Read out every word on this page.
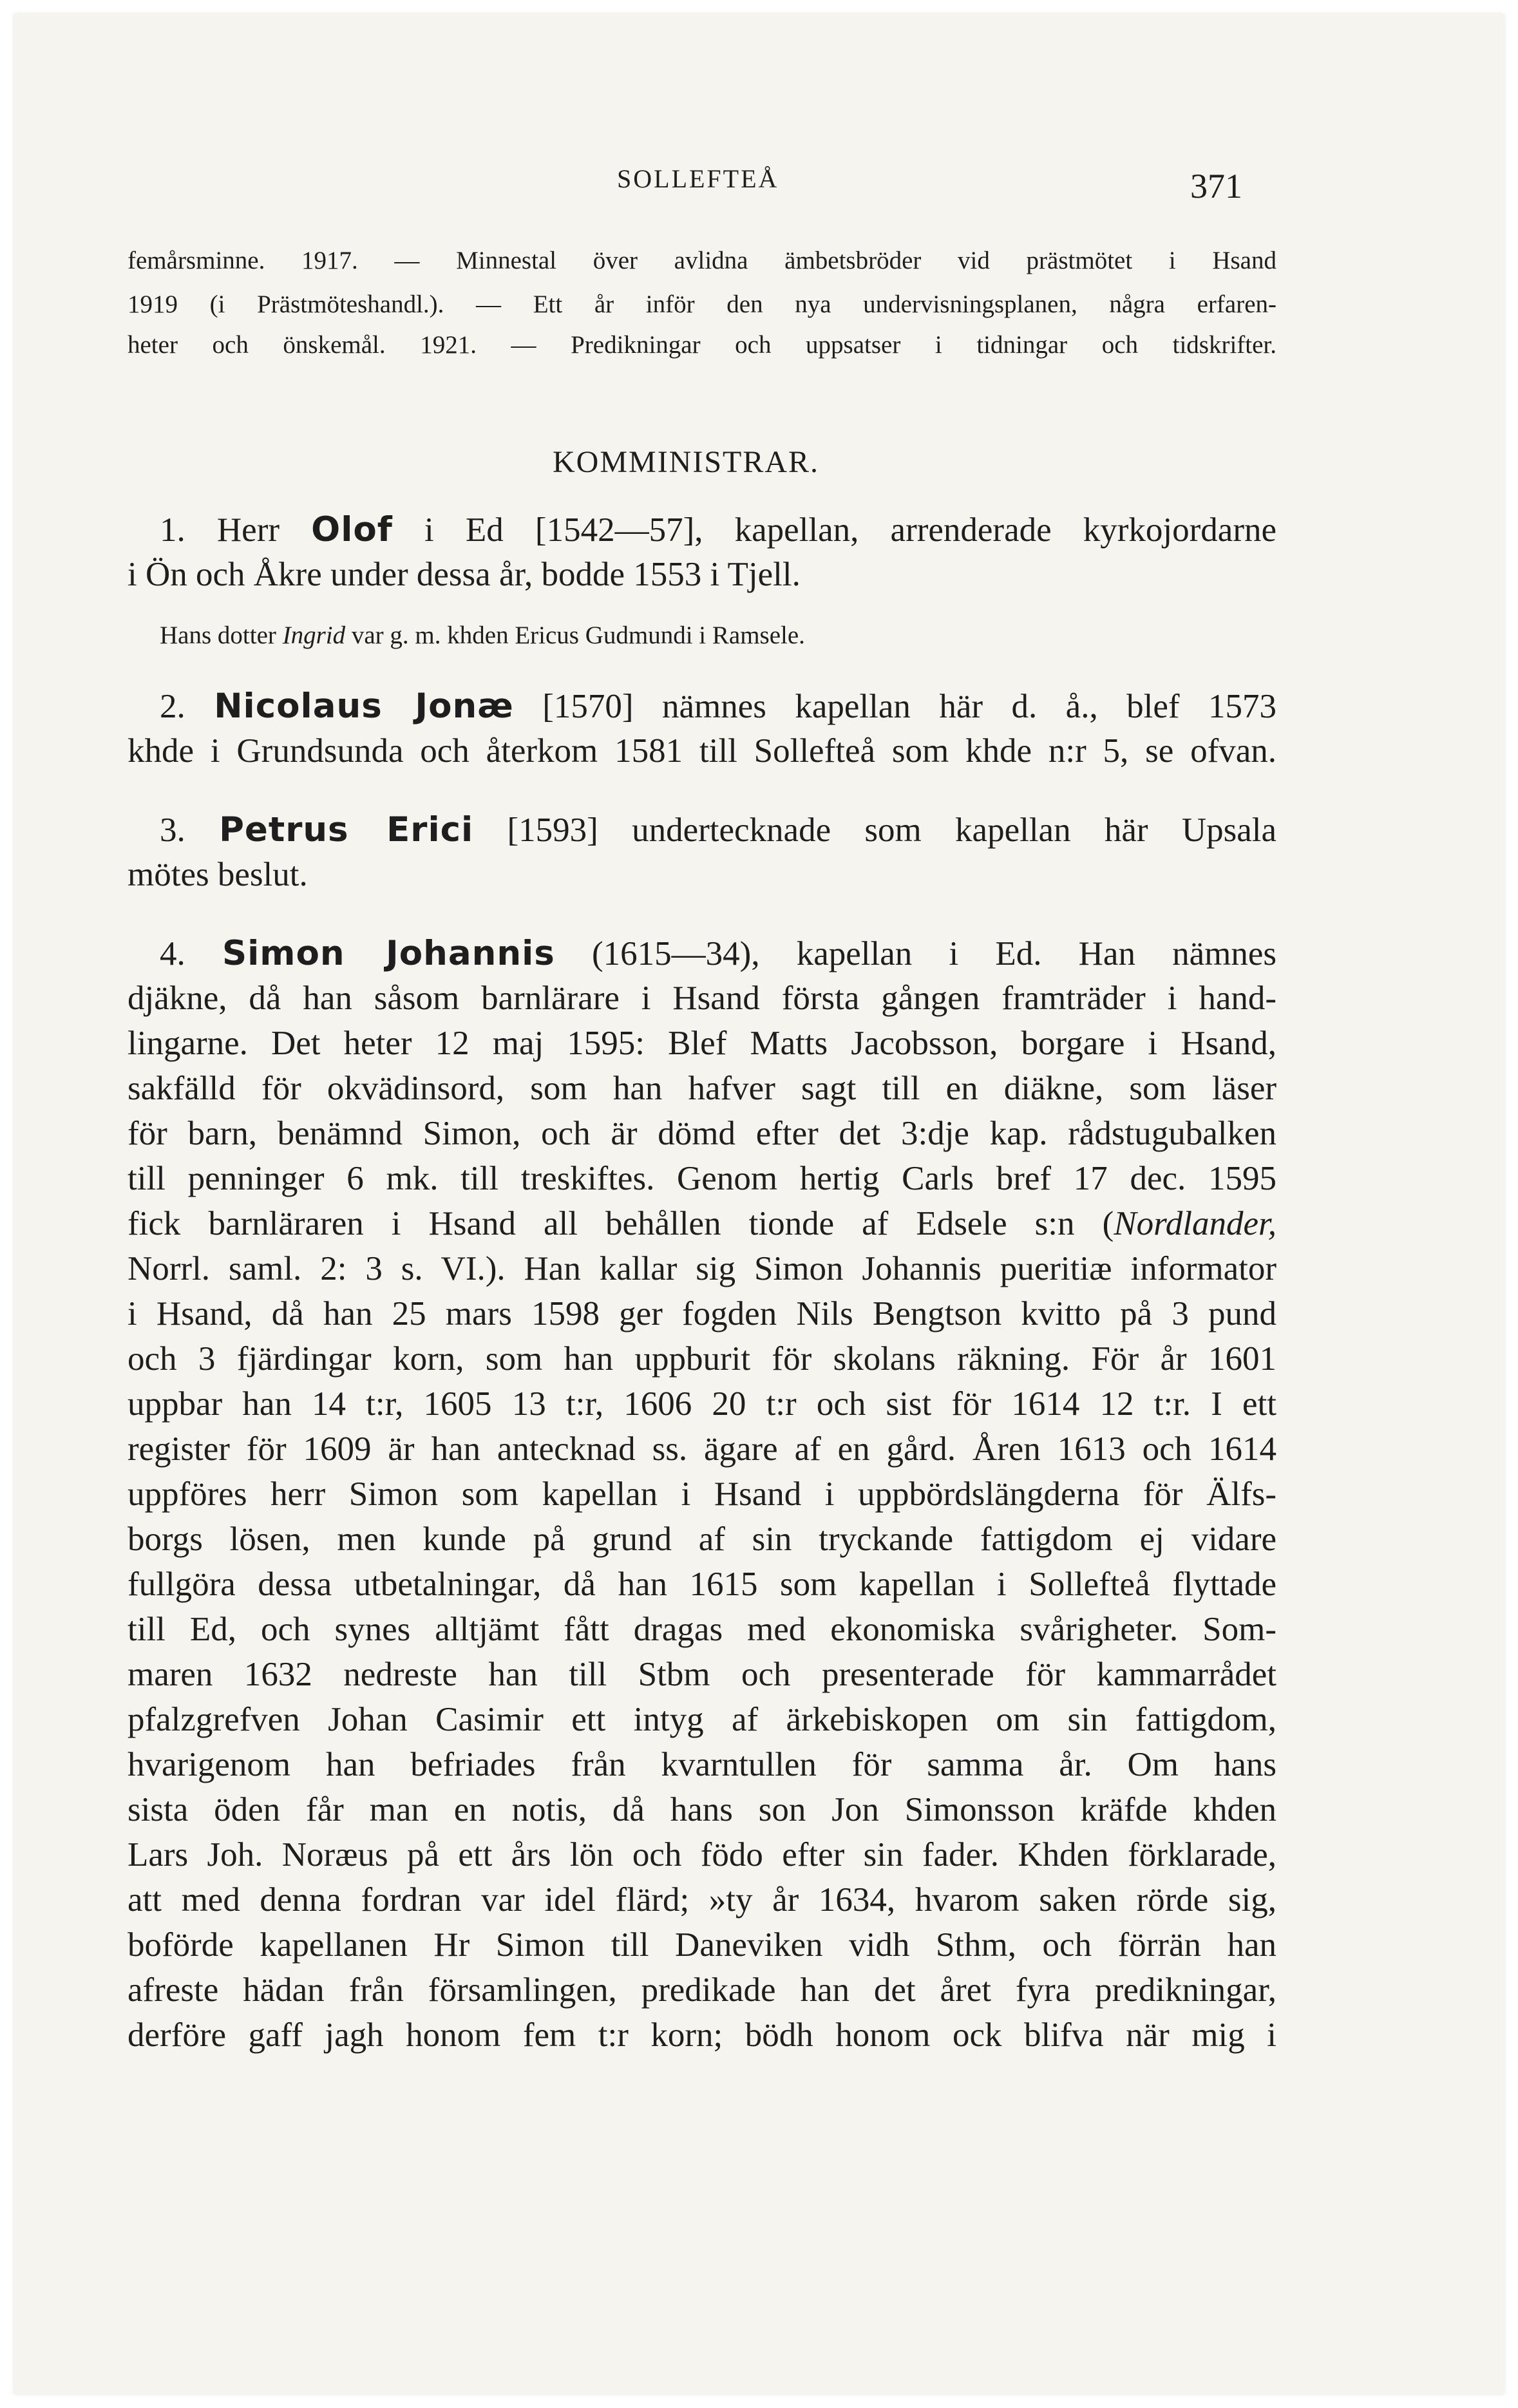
SOLLEFTEÅ	371
femårsminne. 1917. — Minnestal över avlidna ämbetsbröder vid prästmötet i Hsand
1919 (i Prästmöteshandl.). — Ett år inför den nya undervisningsplanen, några erfaren-
heter och önskemål. 1921. — Predikningar och uppsatser i tidningar och tidskrifter.
KOMMINISTRAR.
1. Herr Olof i Ed [1542—57], kapellan, arrenderade kyrkojordarne
i Ön och Åkre under dessa år, bodde 1553 i Tjell.
Hans dotter Ingrid var g. m. khden Ericus Gudmundi i Ramsele.
2. Nicolaus Jonæ [1570] nämnes kapellan här d. å., blef 1573
khde i Grundsunda och återkom 1581 till Sollefteå som khde n:r 5, se ofvan.
3. Petrus Erici [1593] undertecknade som kapellan här Upsala
mötes beslut.
4. Simon Johannis (1615—34), kapellan i Ed. Han nämnes
djäkne, då han såsom barnlärare i Hsand första gången framträder i hand-
lingarne. Det heter 12 maj 1595: Blef Matts Jacobsson, borgare i Hsand,
sakfälld för okvädinsord, som han hafver sagt till en diäkne, som läser
för barn, benämnd Simon, och är dömd efter det 3:dje kap. rådstugubalken
till penninger 6 mk. till treskiftes. Genom hertig Carls bref 17 dec. 1595
fick barnläraren i Hsand all behållen tionde af Edsele s:n (Nordlander,
Norrl. saml. 2: 3 s. VI.). Han kallar sig Simon Johannis pueritiæ informator
i Hsand, då han 25 mars 1598 ger fogden Nils Bengtson kvitto på 3 pund
och 3 fjärdingar korn, som han uppburit för skolans räkning. För år 1601
uppbar han 14 t:r, 1605 13 t:r, 1606 20 t:r och sist för 1614 12 t:r. I ett
register för 1609 är han antecknad ss. ägare af en gård. Åren 1613 och 1614
uppföres herr Simon som kapellan i Hsand i uppbördslängderna för Älfs-
borgs lösen, men kunde på grund af sin tryckande fattigdom ej vidare
fullgöra dessa utbetalningar, då han 1615 som kapellan i Sollefteå flyttade
till Ed, och synes alltjämt fått dragas med ekonomiska svårigheter. Som-
maren 1632 nedreste han till Stbm och presenterade för kammarrådet
pfalzgrefven Johan Casimir ett intyg af ärkebiskopen om sin fattigdom,
hvarigenom han befriades från kvarntullen för samma år. Om hans
sista öden får man en notis, då hans son Jon Simonsson kräfde khden
Lars Joh. Noræus på ett års lön och födo efter sin fader. Khden förklarade,
att med denna fordran var idel flärd; »ty år 1634, hvarom saken rörde sig,
boförde kapellanen Hr Simon till Daneviken vidh Sthm, och förrän han
afreste hädan från församlingen, predikade han det året fyra predikningar,
derföre gaff jagh honom fem t:r korn; bödh honom ock blifva när mig i
